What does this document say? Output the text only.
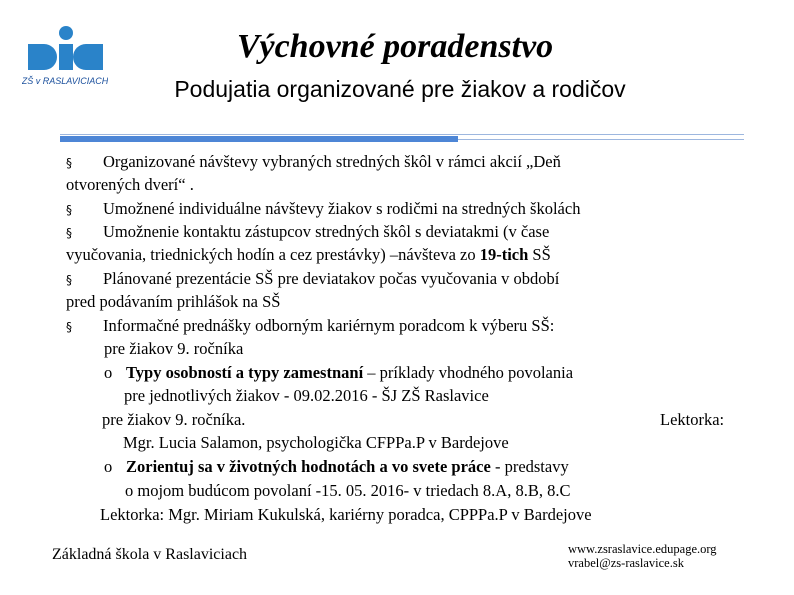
ZŠ v RASLAVICIACH
Výchovné poradenstvo
Podujatia organizované pre žiakov a rodičov
§ Organizované návštevy vybraných stredných škôl v rámci akcií „Deň
otvorených dverí“ .
§ Umožnené individuálne návštevy žiakov s rodičmi na stredných školách
§ Umožnenie kontaktu zástupcov stredných škôl s deviatakmi (v čase
vyučovania, triednických hodín a cez prestávky) –návšteva zo 19-tich SŠ
§ Plánované prezentácie SŠ pre deviatakov počas vyučovania v období
pred podávaním prihlášok na SŠ
§ Informačné prednášky odborným kariérnym poradcom k výberu SŠ:
pre žiakov 9. ročníka
o Typy osobností a typy zamestnaní – príklady vhodného povolania
pre jednotlivých žiakov - 09.02.2016 - ŠJ ZŠ Raslavice
pre žiakov 9. ročníka.	Lektorka:
Mgr. Lucia Salamon, psychologička CFPPa.P v Bardejove
o Zorientuj sa v životných hodnotách a vo svete práce - predstavy
o mojom budúcom povolaní -15. 05. 2016- v triedach 8.A, 8.B, 8.C
Lektorka: Mgr. Miriam Kukulská, kariérny poradca, CPPPa.P v Bardejove
Základná škola v Raslaviciach	www.zsraslavice.edupage.org
vrabel@zs-raslavice.sk
